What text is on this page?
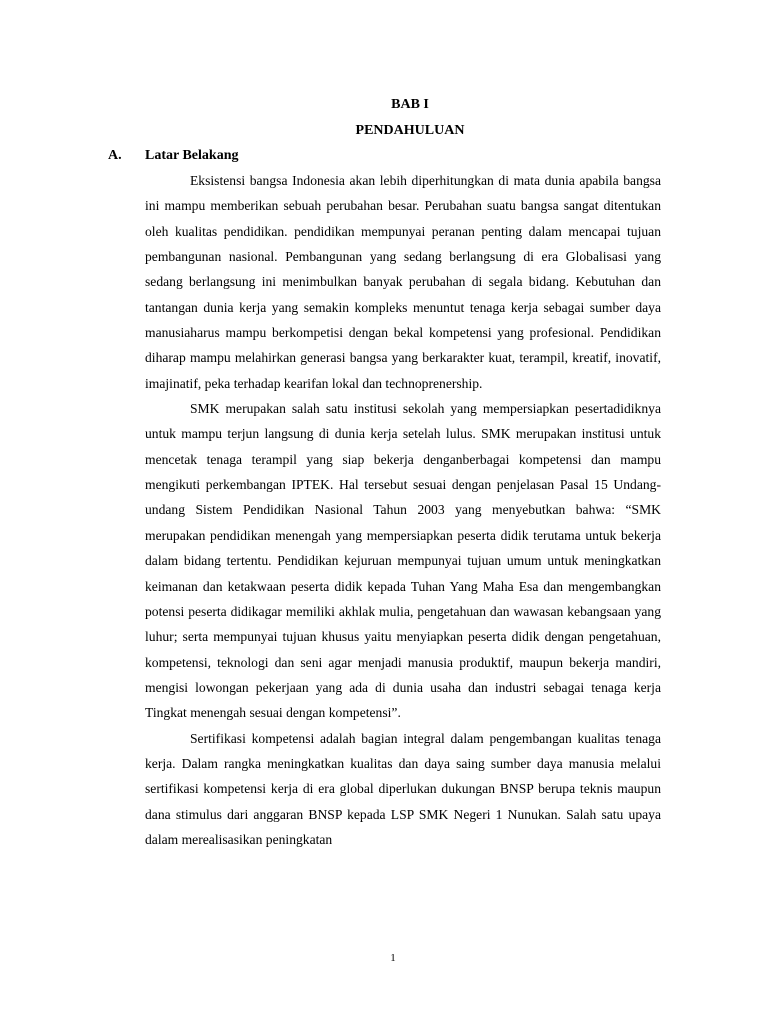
BAB I
PENDAHULUAN
A. Latar Belakang

Eksistensi bangsa Indonesia akan lebih diperhitungkan di mata dunia apabila bangsa ini mampu memberikan sebuah perubahan besar. Perubahan suatu bangsa sangat ditentukan oleh kualitas pendidikan. pendidikan mempunyai peranan penting dalam mencapai tujuan pembangunan nasional. Pembangunan yang sedang berlangsung di era Globalisasi yang sedang berlangsung ini menimbulkan banyak perubahan di segala bidang. Kebutuhan dan tantangan dunia kerja yang semakin kompleks menuntut tenaga kerja sebagai sumber daya manusiaharus mampu berkompetisi dengan bekal kompetensi yang profesional. Pendidikan diharap mampu melahirkan generasi bangsa yang berkarakter kuat, terampil, kreatif, inovatif, imajinatif, peka terhadap kearifan lokal dan technoprenership.

SMK merupakan salah satu institusi sekolah yang mempersiapkan pesertadidiknya untuk mampu terjun langsung di dunia kerja setelah lulus. SMK merupakan institusi untuk mencetak tenaga terampil yang siap bekerja denganberbagai kompetensi dan mampu mengikuti perkembangan IPTEK. Hal tersebut sesuai dengan penjelasan Pasal 15 Undang-undang Sistem Pendidikan Nasional Tahun 2003 yang menyebutkan bahwa: “SMK merupakan pendidikan menengah yang mempersiapkan peserta didik terutama untuk bekerja dalam bidang tertentu. Pendidikan kejuruan mempunyai tujuan umum untuk meningkatkan keimanan dan ketakwaan peserta didik kepada Tuhan Yang Maha Esa dan mengembangkan potensi peserta didikagar memiliki akhlak mulia, pengetahuan dan wawasan kebangsaan yang luhur; serta mempunyai tujuan khusus yaitu menyiapkan peserta didik dengan pengetahuan, kompetensi, teknologi dan seni agar menjadi manusia produktif, maupun bekerja mandiri, mengisi lowongan pekerjaan yang ada di dunia usaha dan industri sebagai tenaga kerja Tingkat menengah sesuai dengan kompetensi”.

Sertifikasi kompetensi adalah bagian integral dalam pengembangan kualitas tenaga kerja. Dalam rangka meningkatkan kualitas dan daya saing sumber daya manusia melalui sertifikasi kompetensi kerja di era global diperlukan dukungan BNSP berupa teknis maupun dana stimulus dari anggaran BNSP kepada LSP SMK Negeri 1 Nunukan. Salah satu upaya dalam merealisasikan peningkatan

1
